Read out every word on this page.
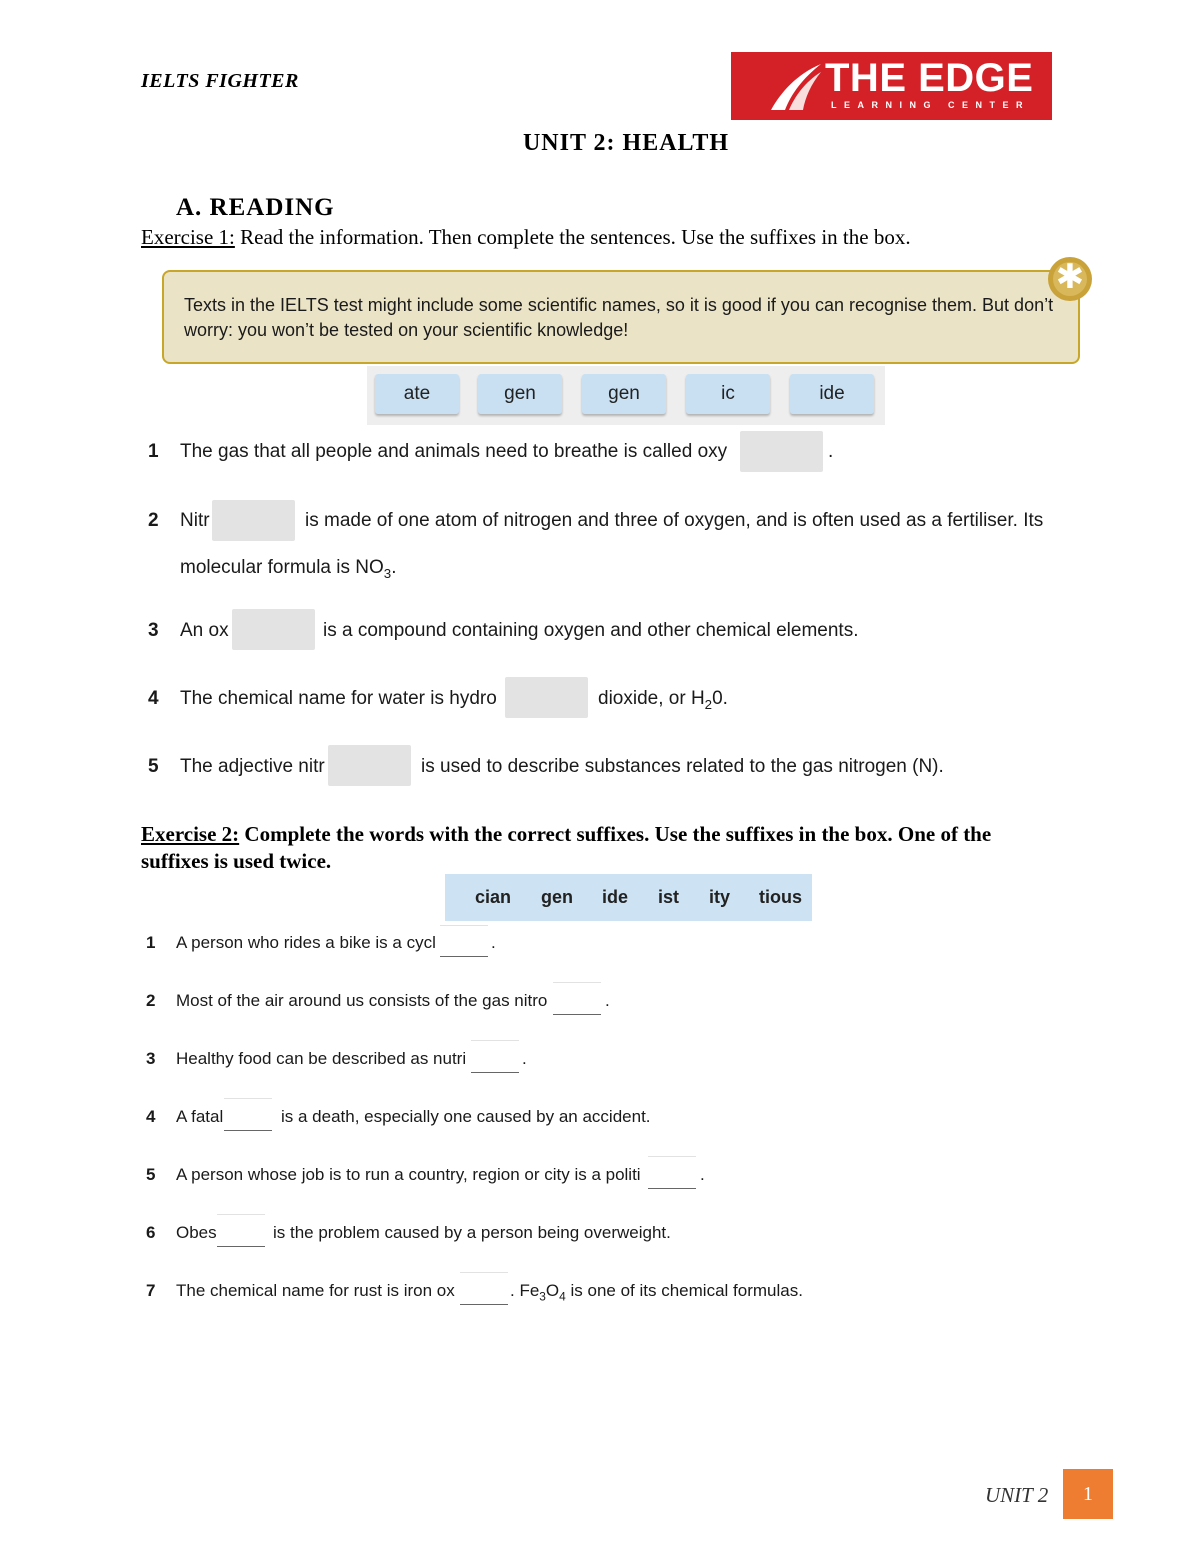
IELTS FIGHTER	THE EDGE
LEARNING CENTER
UNIT 2: HEALTH
A. READING
Exercise 1: Read the information. Then complete the sentences. Use the suffixes in the box.
Texts in the IELTS test might include some scientific names, so it is good if you can recognise them. But don’t worry: you won’t be tested on your scientific knowledge!
✱
ate	gen	gen	ic	ide
1 The gas that all people and animals need to breathe is called oxy	.
2 Nitr	is made of one atom of nitrogen and three of oxygen, and is often used as a fertiliser. Its
molecular formula is $NO_3$.
3 An ox	is a compound containing oxygen and other chemical elements.
4 The chemical name for water is hydro	dioxide, or $H_20$.
5 The adjective nitr	is used to describe substances related to the gas nitrogen (N).
Exercise 2: Complete the words with the correct suffixes. Use the suffixes in the box. One of the
suffixes is used twice.
cian gen ide ist ity tious
1 A person who rides a bike is a cycl	.
2 Most of the air around us consists of the gas nitro	.
3 Healthy food can be described as nutri	.
4 A fatal	is a death, especially one caused by an accident.
5 A person whose job is to run a country, region or city is a politi	.
6 Obes	is the problem caused by a person being overweight.
7 The chemical name for rust is iron ox	. $Fe_3O_4$ is one of its chemical formulas.
UNIT 2	1
